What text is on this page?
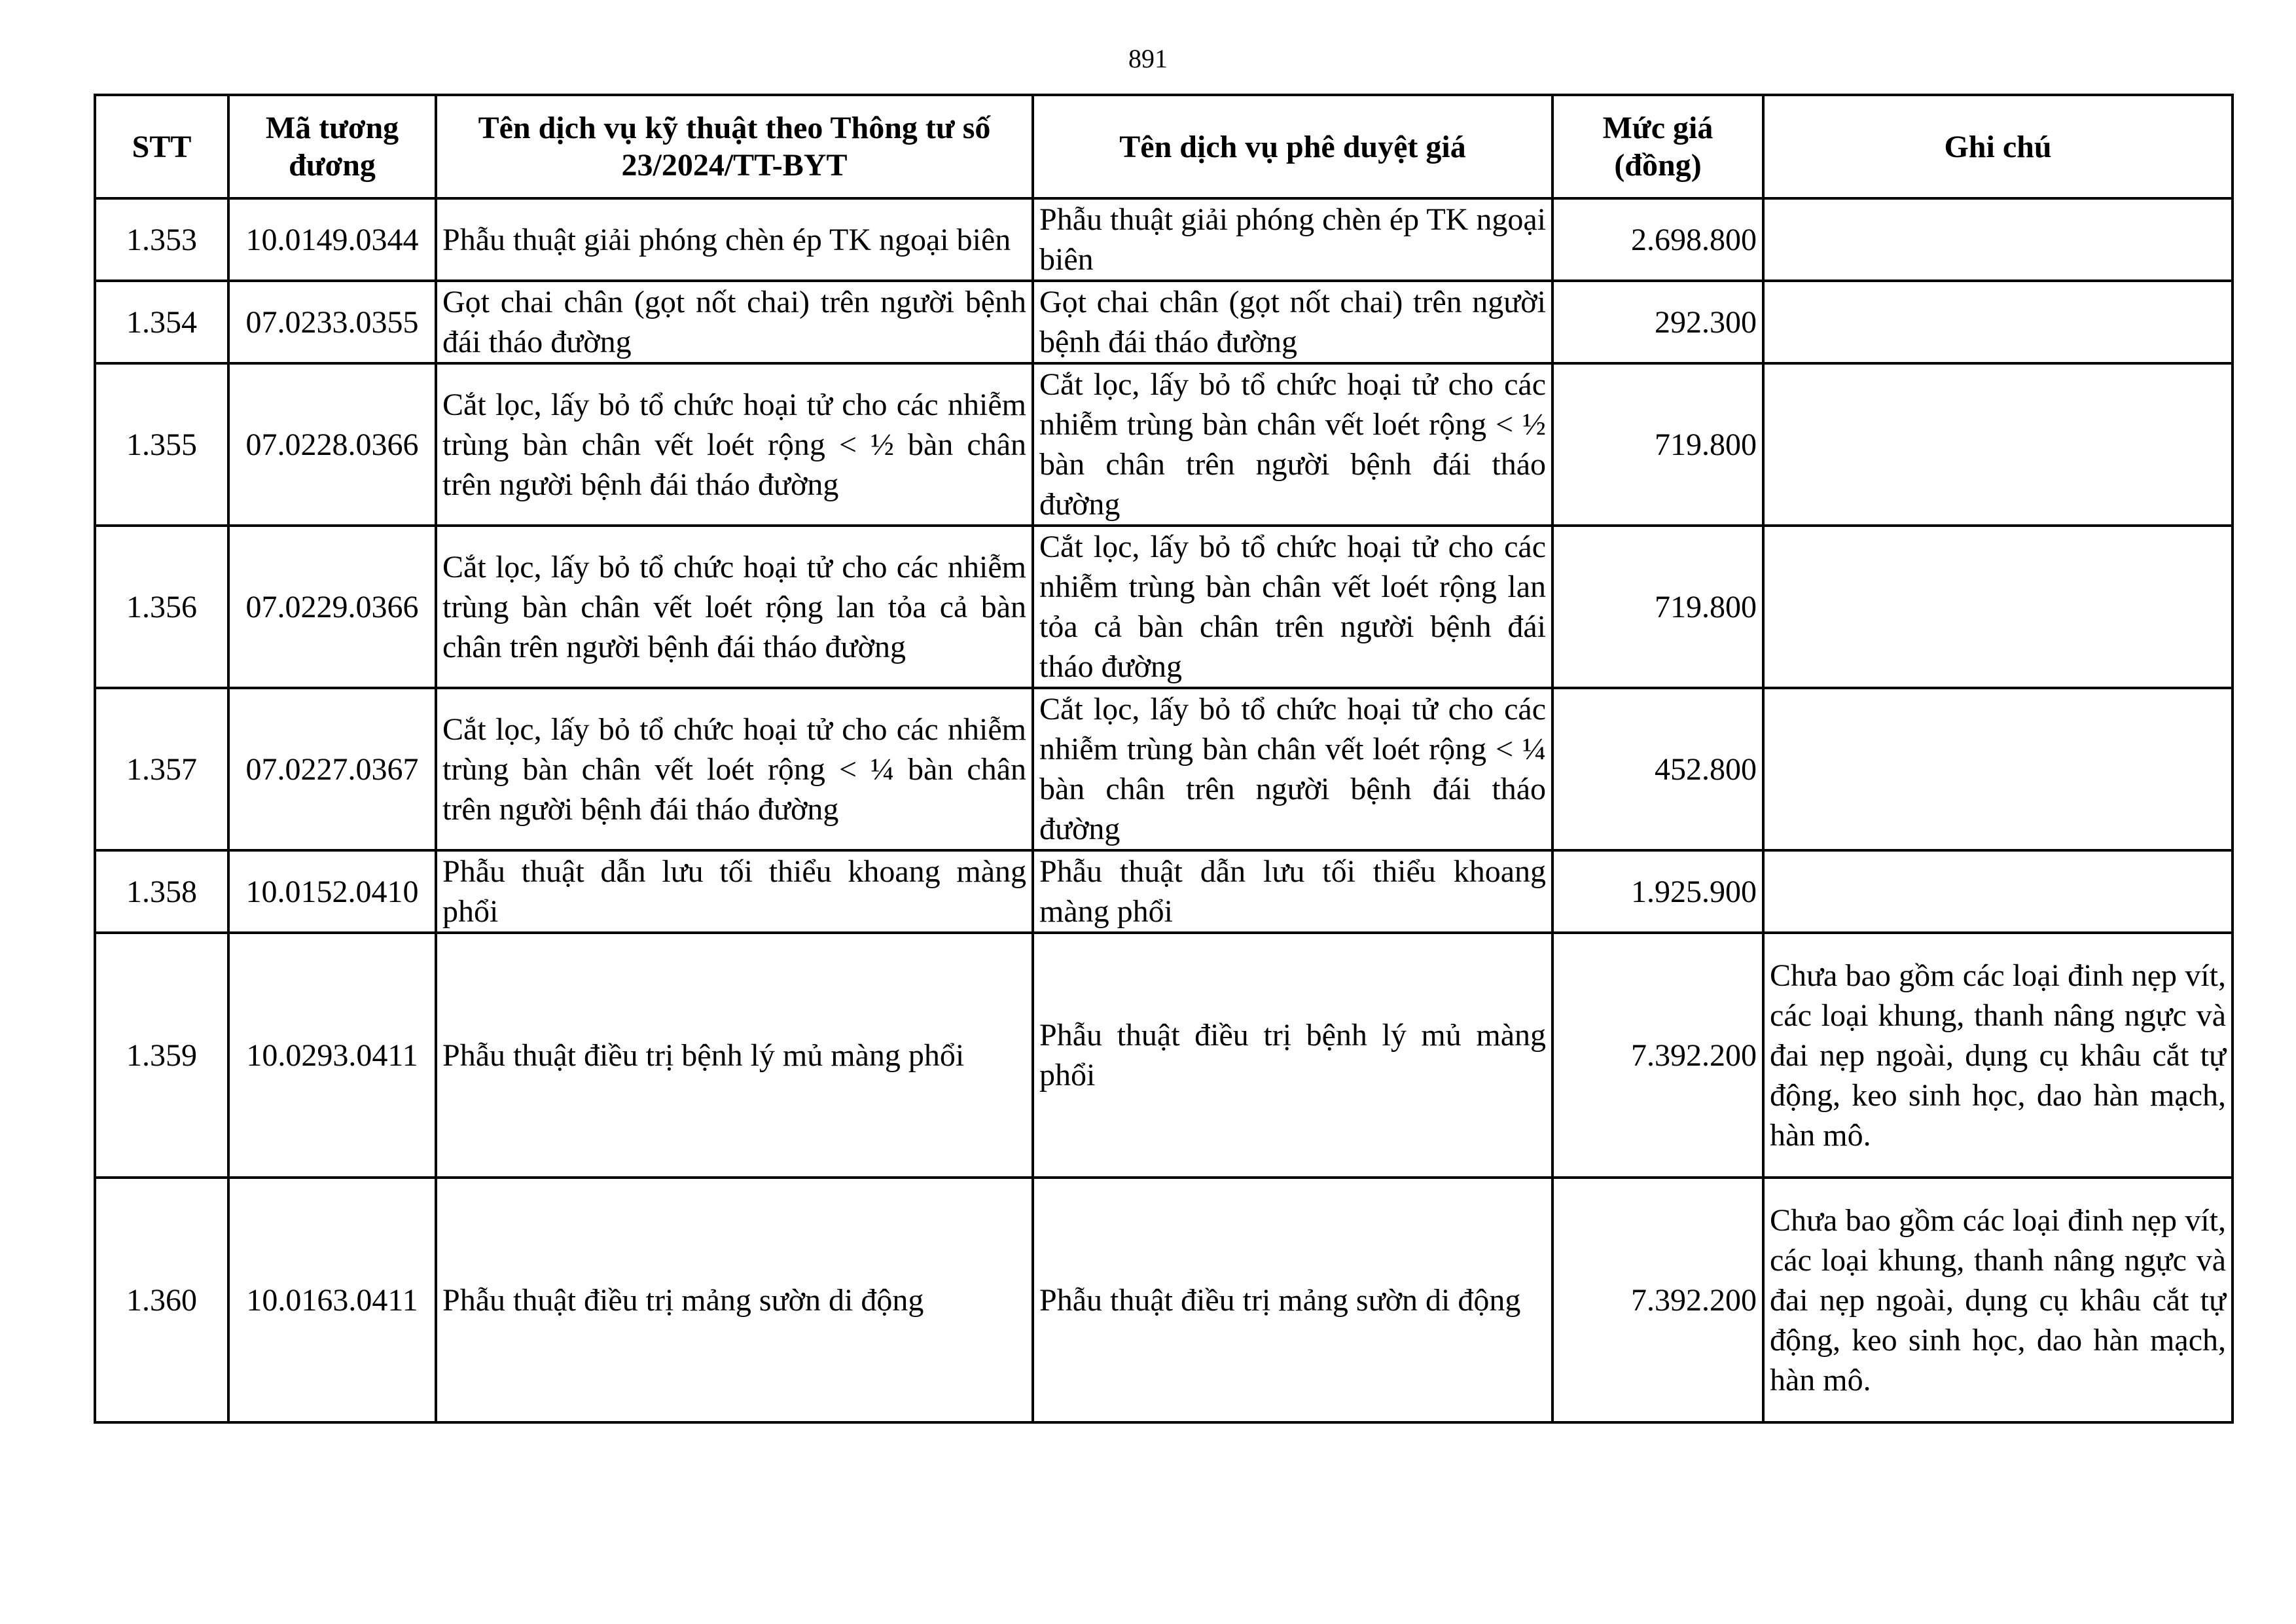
891
STT	Mã tương đương	Tên dịch vụ kỹ thuật theo Thông tư số 23/2024/TT-BYT	Tên dịch vụ phê duyệt giá	Mức giá (đồng)	Ghi chú
1.353	10.0149.0344	Phẫu thuật giải phóng chèn ép TK ngoại biên	Phẫu thuật giải phóng chèn ép TK ngoại biên	2.698.800	
1.354	07.0233.0355	Gọt chai chân (gọt nốt chai) trên người bệnh đái tháo đường	Gọt chai chân (gọt nốt chai) trên người bệnh đái tháo đường	292.300	
1.355	07.0228.0366	Cắt lọc, lấy bỏ tổ chức hoại tử cho các nhiễm trùng bàn chân vết loét rộng < ½ bàn chân trên người bệnh đái tháo đường	Cắt lọc, lấy bỏ tổ chức hoại tử cho các nhiễm trùng bàn chân vết loét rộng < ½ bàn chân trên người bệnh đái tháo đường	719.800	
1.356	07.0229.0366	Cắt lọc, lấy bỏ tổ chức hoại tử cho các nhiễm trùng bàn chân vết loét rộng lan tỏa cả bàn chân trên người bệnh đái tháo đường	Cắt lọc, lấy bỏ tổ chức hoại tử cho các nhiễm trùng bàn chân vết loét rộng lan tỏa cả bàn chân trên người bệnh đái tháo đường	719.800	
1.357	07.0227.0367	Cắt lọc, lấy bỏ tổ chức hoại tử cho các nhiễm trùng bàn chân vết loét rộng < ¼ bàn chân trên người bệnh đái tháo đường	Cắt lọc, lấy bỏ tổ chức hoại tử cho các nhiễm trùng bàn chân vết loét rộng < ¼ bàn chân trên người bệnh đái tháo đường	452.800	
1.358	10.0152.0410	Phẫu thuật dẫn lưu tối thiểu khoang màng phổi	Phẫu thuật dẫn lưu tối thiểu khoang màng phổi	1.925.900	
1.359	10.0293.0411	Phẫu thuật điều trị bệnh lý mủ màng phổi	Phẫu thuật điều trị bệnh lý mủ màng phổi	7.392.200	Chưa bao gồm các loại đinh nẹp vít, các loại khung, thanh nâng ngực và đai nẹp ngoài, dụng cụ khâu cắt tự động, keo sinh học, dao hàn mạch, hàn mô.
1.360	10.0163.0411	Phẫu thuật điều trị mảng sườn di động	Phẫu thuật điều trị mảng sườn di động	7.392.200	Chưa bao gồm các loại đinh nẹp vít, các loại khung, thanh nâng ngực và đai nẹp ngoài, dụng cụ khâu cắt tự động, keo sinh học, dao hàn mạch, hàn mô.
